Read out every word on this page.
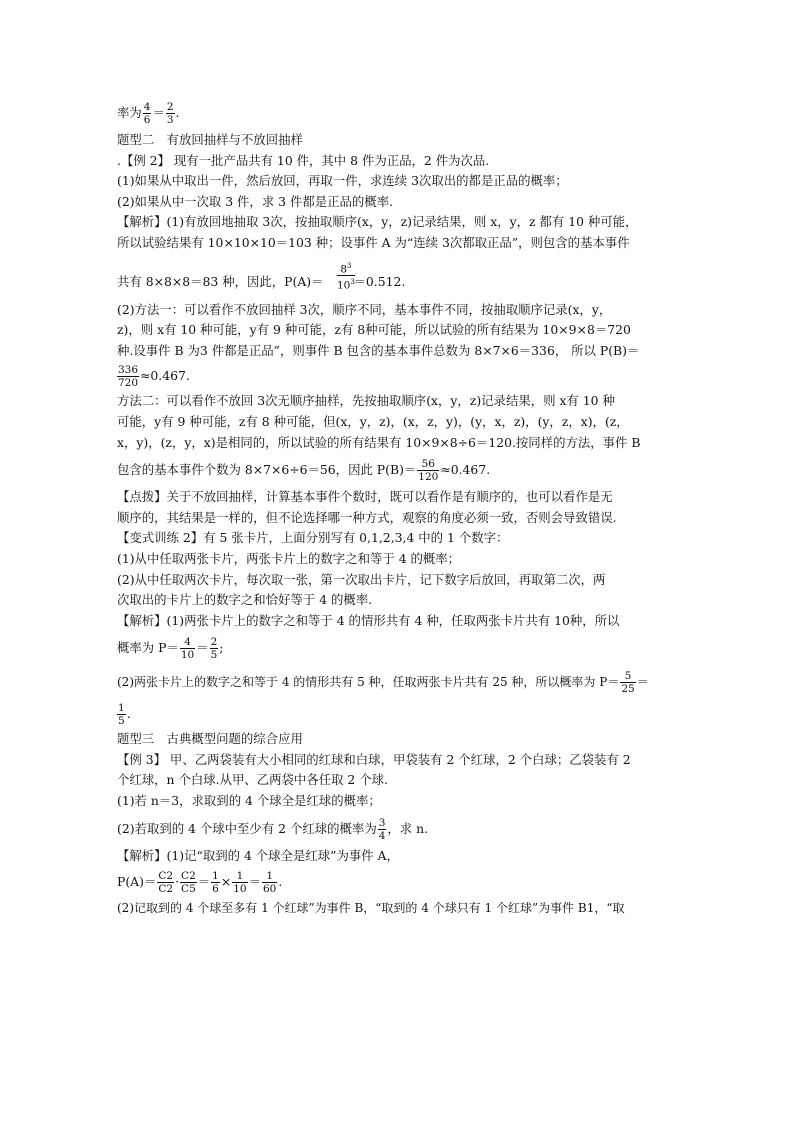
率为 $\frac{4}{6} = \frac{2}{3}$ .
题型二　有放回抽样与不放回抽样
.【例 2】 现有一批产品共有 10 件，其中 8 件为正品，2 件为次品.
(1)如果从中取出一件，然后放回，再取一件，求连续 3次取出的都是正品的概率；
(2)如果从中一次取 3 件，求 3 件都是正品的概率.
【解析】(1)有放回地抽取 3次，按抽取顺序(x，y，z)记录结果，则 x，y，z 都有 10 种可能，
所以试验结果有 10×10×10＝103 种；设事件 A 为“连续 3次都取正品”，则包含的基本事件
共有 8×8×8＝83 种，因此，P(A)＝ ＝0.512.
$\frac{8^3}{10^3}$
(2)方法一：可以看作不放回抽样 3次，顺序不同，基本事件不同，按抽取顺序记录(x，y，
z)，则 x有 10 种可能，y有 9 种可能，z有 8种可能，所以试验的所有结果为 10×9×8＝720
种.设事件 B 为3 件都是正品”，则事件 B 包含的基本事件总数为 8×7×6＝336， 所以 P(B)＝
$\frac{336}{720} \approx 0.467$.
方法二：可以看作不放回 3次无顺序抽样，先按抽取顺序(x，y，z)记录结果，则 x有 10 种
可能，y有 9 种可能，z有 8 种可能，但(x，y，z)，(x，z，y)，(y，x，z)，(y，z，x)，(z，
x，y)，(z，y，x)是相同的，所以试验的所有结果有 10×9×8÷6＝120.按同样的方法，事件 B
包含的基本事件个数为 8×7×6÷6＝56，因此 $P(B)= \frac{56}{120} \approx 0.467$.
【点拨】关于不放回抽样，计算基本事件个数时，既可以看作是有顺序的，也可以看作是无
顺序的，其结果是一样的，但不论选择哪一种方式，观察的角度必须一致，否则会导致错误.
【变式训练 2】有 5 张卡片，上面分别写有 0,1,2,3,4 中的 1 个数字：
(1)从中任取两张卡片，两张卡片上的数字之和等于 4 的概率；
(2)从中任取两次卡片，每次取一张，第一次取出卡片，记下数字后放回，再取第二次，两
次取出的卡片上的数字之和恰好等于 4 的概率.
【解析】(1)两张卡片上的数字之和等于 4 的情形共有 4 种，任取两张卡片共有 10种，所以
概率为 $P= \frac{4}{10} = \frac{2}{5}$ ;
(2)两张卡片上的数字之和等于 4 的情形共有 5 种，任取两张卡片共有 25 种，所以概率为 $P= \frac{5}{25}$ ＝
$\frac{1}{5}$ .
题型三　古典概型问题的综合应用
【例 3】 甲、乙两袋装有大小相同的红球和白球，甲袋装有 2 个红球，2 个白球；乙袋装有 2
个红球，n 个白球.从甲、乙两袋中各任取 2 个球.
(1)若 n＝3，求取到的 4 个球全是红球的概率；
(2)若取到的 4 个球中至少有 2 个红球的概率为 $\frac{3}{4}$ ，求 n.
【解析】(1)记“取到的 4 个球全是红球”为事件 A，
$P(A)= \frac{C2}{C2} \cdot \frac{C2}{C5} = \frac{1}{6} \times \frac{1}{10} = \frac{1}{60}$ .
(2)记取到的 4 个球至多有 1 个红球”为事件 B，“取到的 4 个球只有 1 个红球”为事件 B1，“取
